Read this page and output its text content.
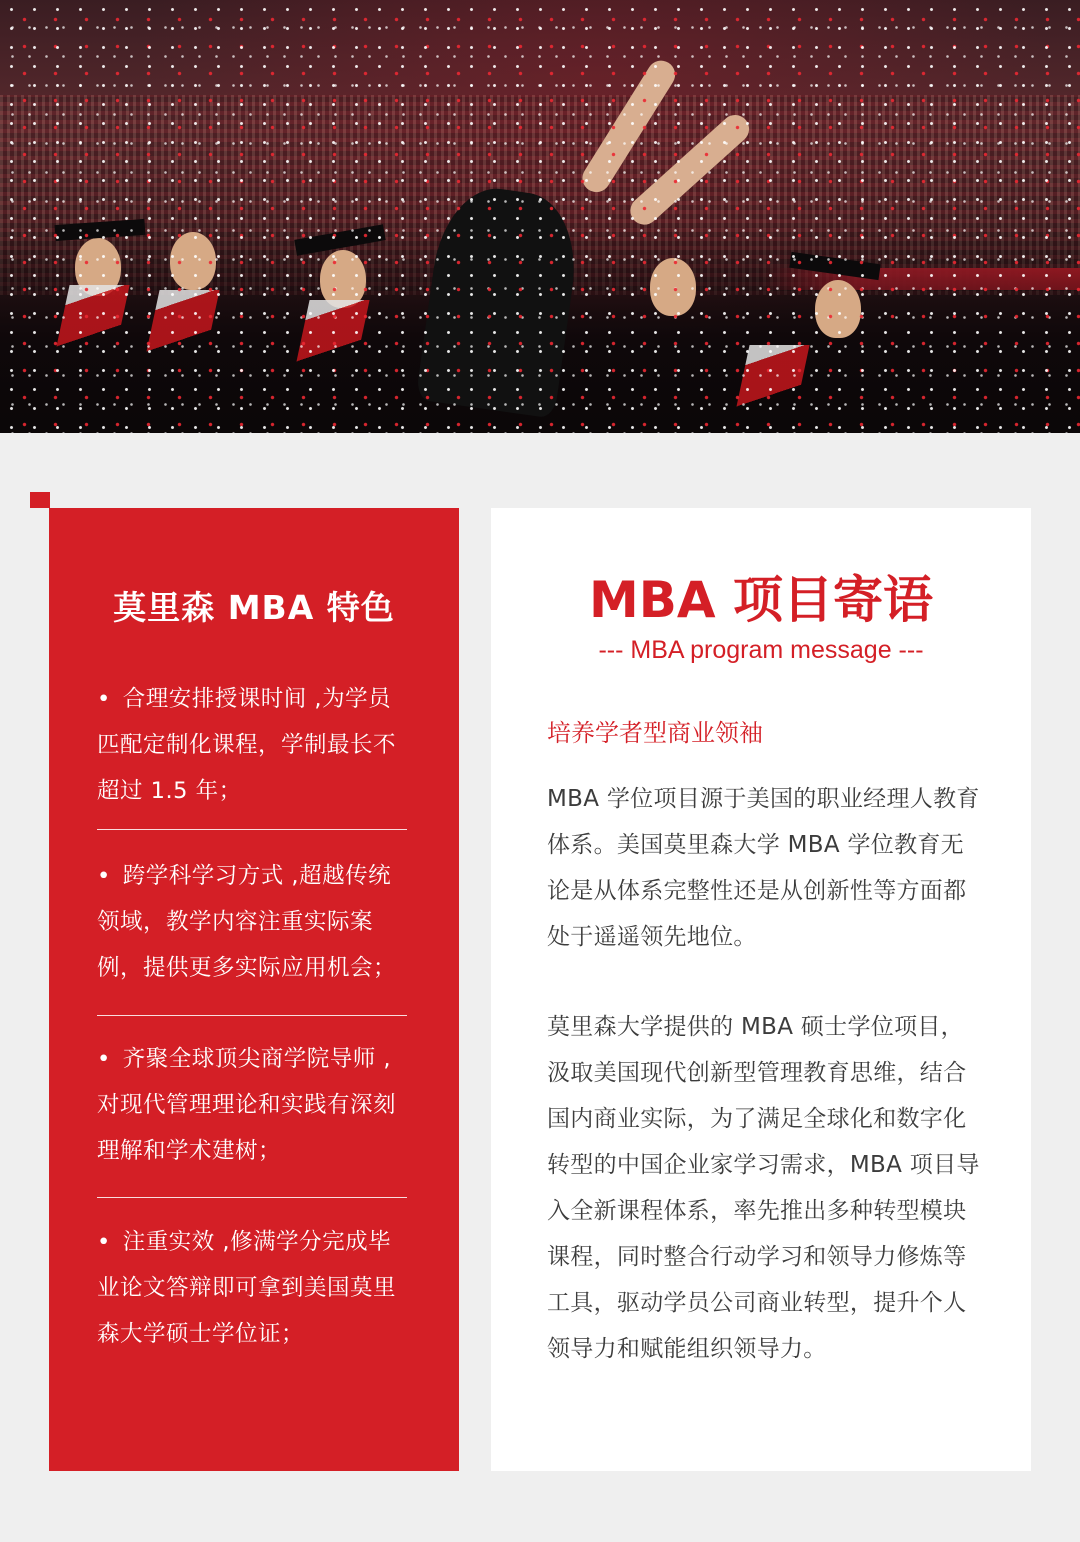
莫里森 MBA 特色
• 合理安排授课时间 ,为学员匹配定制化课程，学制最长不超过 1.5 年；
• 跨学科学习方式 ,超越传统领域，教学内容注重实际案例，提供更多实际应用机会；
• 齐聚全球顶尖商学院导师 ,对现代管理理论和实践有深刻理解和学术建树；
• 注重实效 ,修满学分完成毕业论文答辩即可拿到美国莫里森大学硕士学位证；
MBA 项目寄语
--- MBA program message ---
培养学者型商业领袖
MBA 学位项目源于美国的职业经理人教育体系。美国莫里森大学 MBA 学位教育无论是从体系完整性还是从创新性等方面都处于遥遥领先地位。
莫里森大学提供的 MBA 硕士学位项目，汲取美国现代创新型管理教育思维，结合国内商业实际，为了满足全球化和数字化转型的中国企业家学习需求，MBA 项目导入全新课程体系，率先推出多种转型模块课程，同时整合行动学习和领导力修炼等工具，驱动学员公司商业转型，提升个人领导力和赋能组织领导力。
